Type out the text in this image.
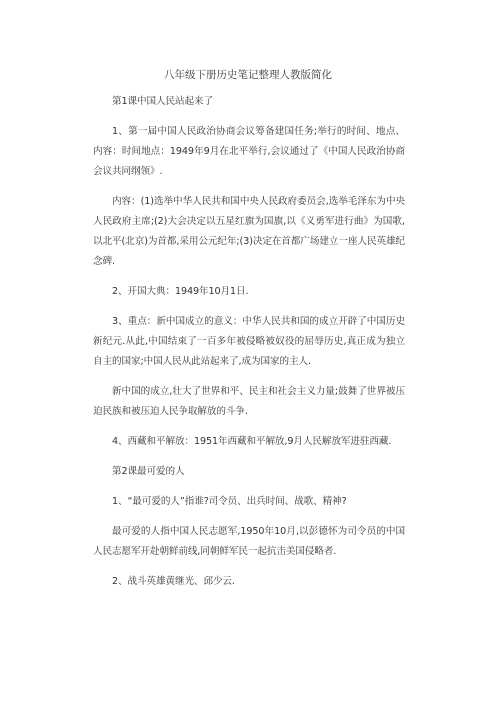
八年级下册历史笔记整理人教版简化

第1课中国人民站起来了

1、第一届中国人民政治协商会议筹备建国任务;举行的时间、地点、内容：时间地点：1949年9月在北平举行,会议通过了《中国人民政治协商会议共同纲领》.

内容：(1)选举中华人民共和国中央人民政府委员会,选举毛泽东为中央人民政府主席;(2)大会决定以五星红旗为国旗,以《义勇军进行曲》为国歌,以北平(北京)为首都,采用公元纪年;(3)决定在首都广场建立一座人民英雄纪念碑.

2、开国大典：1949年10月1日.

3、重点：新中国成立的意义：中华人民共和国的成立开辟了中国历史新纪元.从此,中国结束了一百多年被侵略被奴役的屈辱历史,真正成为独立自主的国家;中国人民从此站起来了,成为国家的主人.

新中国的成立,壮大了世界和平、民主和社会主义力量;鼓舞了世界被压迫民族和被压迫人民争取解放的斗争.

4、西藏和平解放：1951年西藏和平解放,9月人民解放军进驻西藏.

第2课最可爱的人

1、“最可爱的人”指谁?司令员、出兵时间、战歌、精神?

最可爱的人指中国人民志愿军,1950年10月,以彭德怀为司令员的中国人民志愿军开赴朝鲜前线,同朝鲜军民一起抗击美国侵略者.

2、战斗英雄黄继光、邱少云.
